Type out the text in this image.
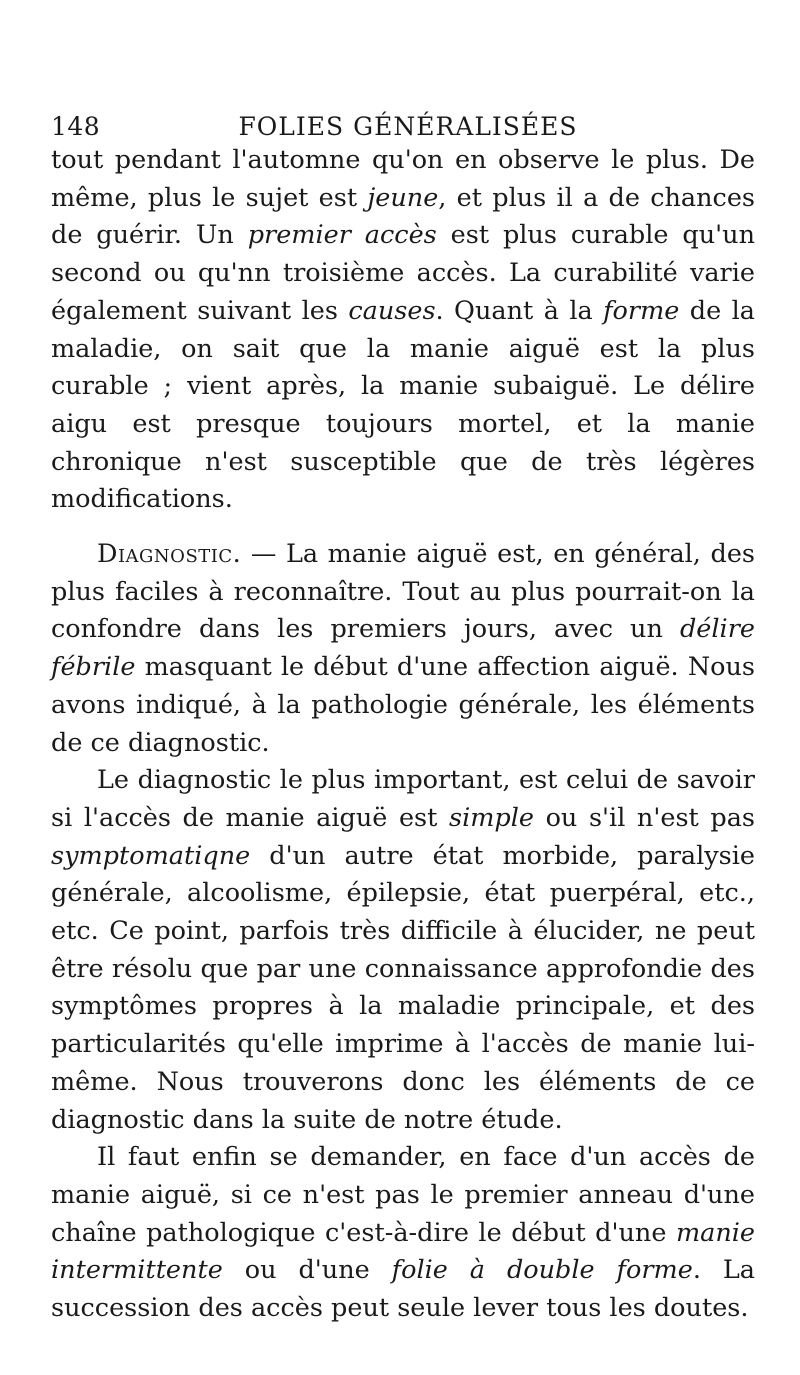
148	FOLIES GÉNÉRALISÉES

tout pendant l'automne qu'on en observe le plus. De même, plus le sujet est jeune, et plus il a de chances de guérir. Un premier accès est plus curable qu'un second ou qu'nn troisième accès. La curabilité varie également suivant les causes. Quant à la forme de la maladie, on sait que la manie aiguë est la plus curable ; vient après, la manie subaiguë. Le délire aigu est presque toujours mortel, et la manie chronique n'est susceptible que de très légères modifications.

Diagnostic. — La manie aiguë est, en général, des plus faciles à reconnaître. Tout au plus pourrait-on la confondre dans les premiers jours, avec un délire fébrile masquant le début d'une affection aiguë. Nous avons indiqué, à la pathologie générale, les éléments de ce diagnostic.

Le diagnostic le plus important, est celui de savoir si l'accès de manie aiguë est simple ou s'il n'est pas symptomatiqne d'un autre état morbide, paralysie générale, alcoolisme, épilepsie, état puerpéral, etc., etc. Ce point, parfois très difficile à élucider, ne peut être résolu que par une connaissance approfondie des symptômes propres à la maladie principale, et des particularités qu'elle imprime à l'accès de manie lui-même. Nous trouverons donc les éléments de ce diagnostic dans la suite de notre étude.

Il faut enfin se demander, en face d'un accès de manie aiguë, si ce n'est pas le premier anneau d'une chaîne pathologique c'est-à-dire le début d'une manie intermittente ou d'une folie à double forme. La succession des accès peut seule lever tous les doutes.
